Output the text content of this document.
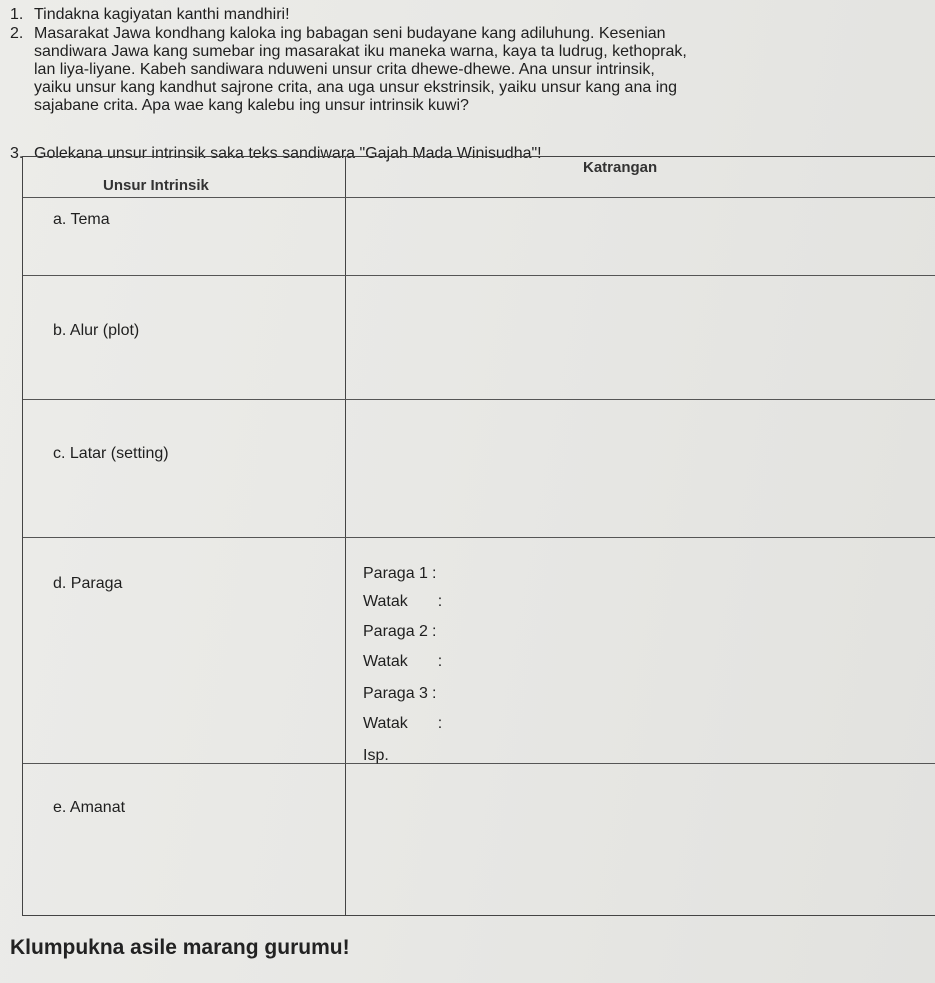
1. Tindakna kagiyatan kanthi mandhiri!
2. Masarakat Jawa kondhang kaloka ing babagan seni budayane kang adiluhung. Kesenian
sandiwara Jawa kang sumebar ing masarakat iku maneka warna, kaya ta ludrug, kethoprak,
lan liya-liyane. Kabeh sandiwara nduweni unsur crita dhewe-dhewe. Ana unsur intrinsik,
yaiku unsur kang kandhut sajrone crita, ana uga unsur ekstrinsik, yaiku unsur kang ana ing
sajabane crita. Apa wae kang kalebu ing unsur intrinsik kuwi?
3. Golekana unsur intrinsik saka teks sandiwara "Gajah Mada Winisudha"!
Unsur Intrinsik
Katrangan
a. Tema
b. Alur (plot)
c. Latar (setting)
d. Paraga
e. Amanat
Paraga 1 :
Watak :
Paraga 2 :
Watak :
Paraga 3 :
Watak :
Isp.
Klumpukna asile marang gurumu!
